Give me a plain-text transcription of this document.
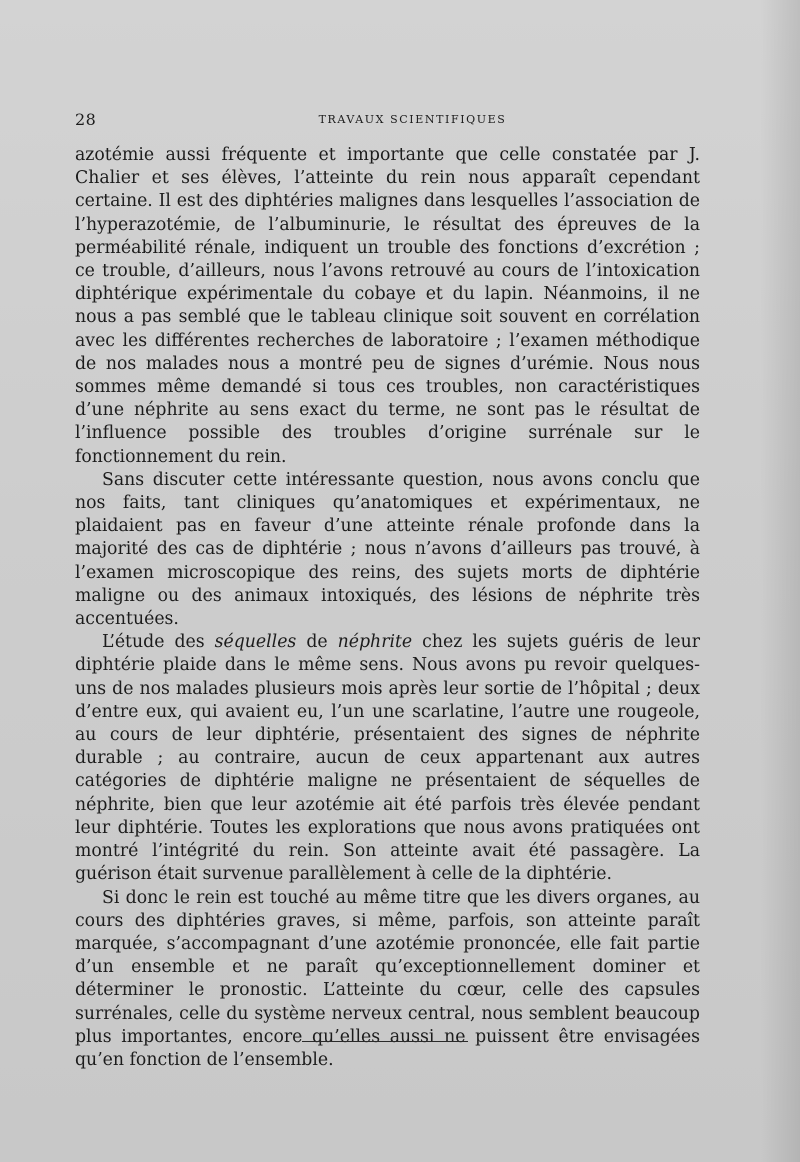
28	TRAVAUX SCIENTIFIQUES

azotémie aussi fréquente et importante que celle constatée par J. Chalier et ses élèves, l’atteinte du rein nous apparaît cependant certaine. Il est des diphtéries malignes dans lesquelles l’association de l’hyperazotémie, de l’albuminurie, le résultat des épreuves de la perméabilité rénale, indiquent un trouble des fonctions d’excrétion ; ce trouble, d’ailleurs, nous l’avons retrouvé au cours de l’intoxication diphtérique expérimentale du cobaye et du lapin. Néanmoins, il ne nous a pas semblé que le tableau clinique soit souvent en corrélation avec les différentes recherches de laboratoire ; l’examen méthodique de nos malades nous a montré peu de signes d’urémie. Nous nous sommes même demandé si tous ces troubles, non caractéristiques d’une néphrite au sens exact du terme, ne sont pas le résultat de l’influence possible des troubles d’origine surrénale sur le fonctionnement du rein.

Sans discuter cette intéressante question, nous avons conclu que nos faits, tant cliniques qu’anatomiques et expérimentaux, ne plaidaient pas en faveur d’une atteinte rénale profonde dans la majorité des cas de diphtérie ; nous n’avons d’ailleurs pas trouvé, à l’examen microscopique des reins, des sujets morts de diphtérie maligne ou des animaux intoxiqués, des lésions de néphrite très accentuées.

L’étude des séquelles de néphrite chez les sujets guéris de leur diphtérie plaide dans le même sens. Nous avons pu revoir quelques-uns de nos malades plusieurs mois après leur sortie de l’hôpital ; deux d’entre eux, qui avaient eu, l’un une scarlatine, l’autre une rougeole, au cours de leur diphtérie, présentaient des signes de néphrite durable ; au contraire, aucun de ceux appartenant aux autres catégories de diphtérie maligne ne présentaient de séquelles de néphrite, bien que leur azotémie ait été parfois très élevée pendant leur diphtérie. Toutes les explorations que nous avons pratiquées ont montré l’intégrité du rein. Son atteinte avait été passagère. La guérison était survenue parallèlement à celle de la diphtérie.

Si donc le rein est touché au même titre que les divers organes, au cours des diphtéries graves, si même, parfois, son atteinte paraît marquée, s’accompagnant d’une azotémie prononcée, elle fait partie d’un ensemble et ne paraît qu’exceptionnellement dominer et déterminer le pronostic. L’atteinte du cœur, celle des capsules surrénales, celle du système nerveux central, nous semblent beaucoup plus importantes, encore qu’elles aussi ne puissent être envisagées qu’en fonction de l’ensemble.
